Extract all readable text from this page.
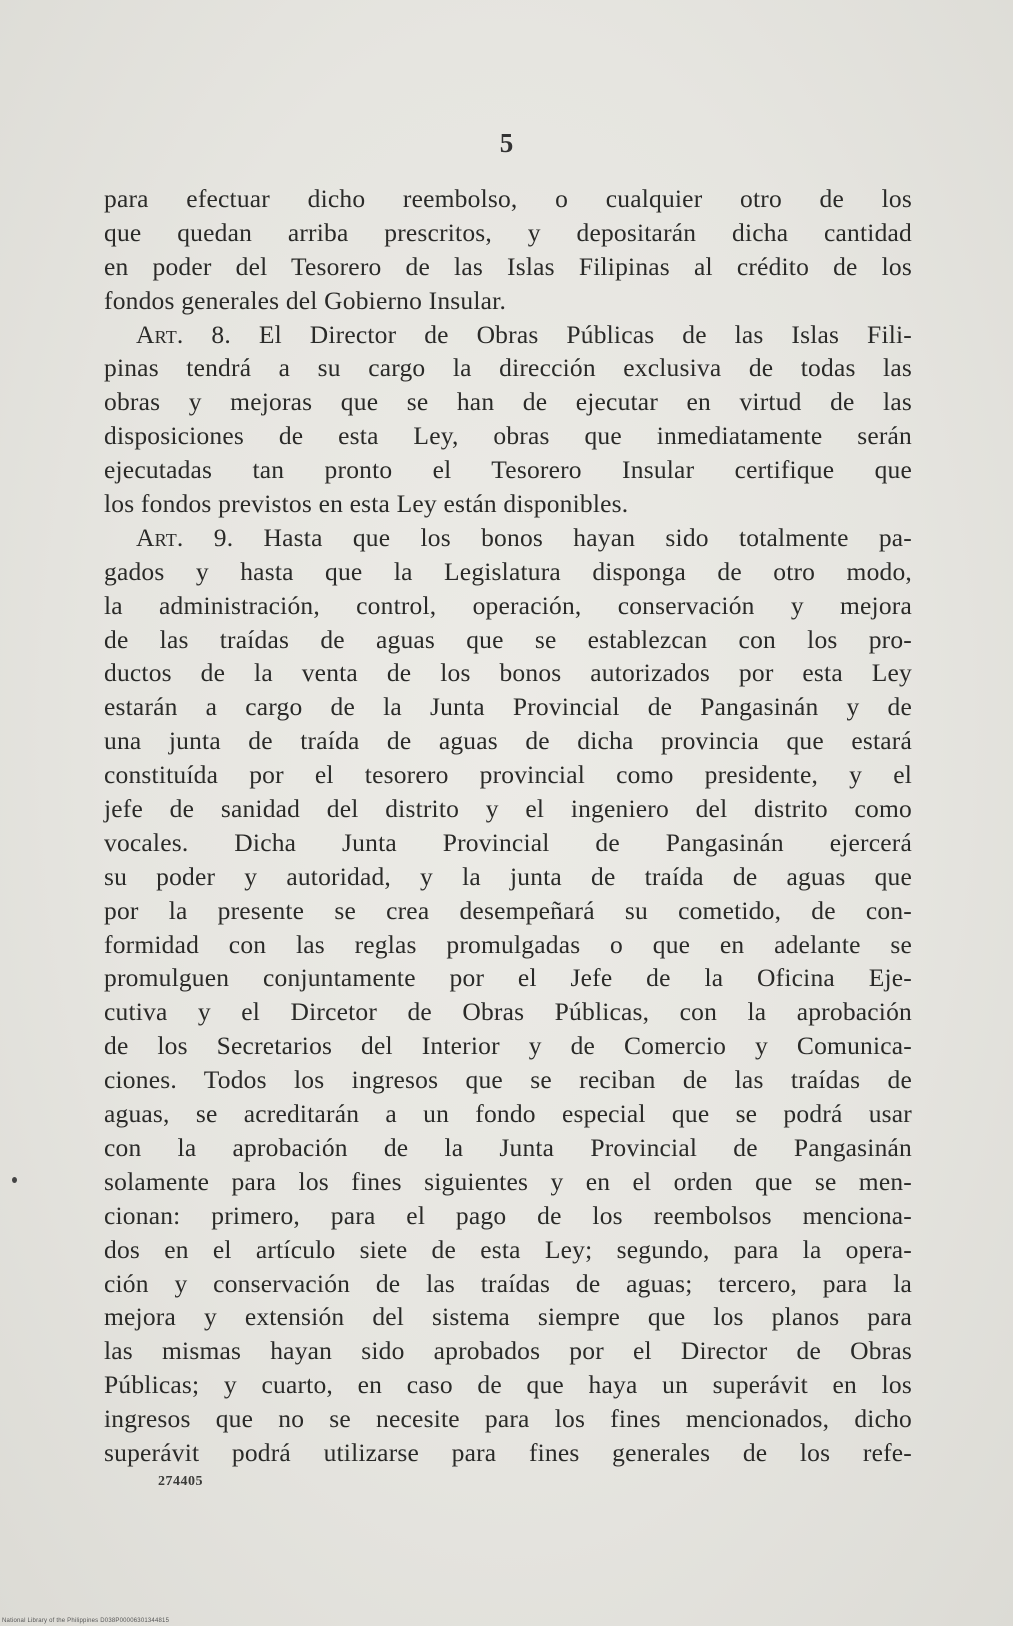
5
para efectuar dicho reembolso, o cualquier otro de los
que quedan arriba prescritos, y depositarán dicha cantidad
en poder del Tesorero de las Islas Filipinas al crédito de los
fondos generales del Gobierno Insular.
Art. 8. El Director de Obras Públicas de las Islas Fili-
pinas tendrá a su cargo la dirección exclusiva de todas las
obras y mejoras que se han de ejecutar en virtud de las
disposiciones de esta Ley, obras que inmediatamente serán
ejecutadas tan pronto el Tesorero Insular certifique que
los fondos previstos en esta Ley están disponibles.
Art. 9. Hasta que los bonos hayan sido totalmente pa-
gados y hasta que la Legislatura disponga de otro modo,
la administración, control, operación, conservación y mejora
de las traídas de aguas que se establezcan con los pro-
ductos de la venta de los bonos autorizados por esta Ley
estarán a cargo de la Junta Provincial de Pangasinán y de
una junta de traída de aguas de dicha provincia que estará
constituída por el tesorero provincial como presidente, y el
jefe de sanidad del distrito y el ingeniero del distrito como
vocales. Dicha Junta Provincial de Pangasinán ejercerá
su poder y autoridad, y la junta de traída de aguas que
por la presente se crea desempeñará su cometido, de con-
formidad con las reglas promulgadas o que en adelante se
promulguen conjuntamente por el Jefe de la Oficina Eje-
cutiva y el Dircetor de Obras Públicas, con la aprobación
de los Secretarios del Interior y de Comercio y Comunica-
ciones. Todos los ingresos que se reciban de las traídas de
aguas, se acreditarán a un fondo especial que se podrá usar
con la aprobación de la Junta Provincial de Pangasinán
solamente para los fines siguientes y en el orden que se men-
cionan: primero, para el pago de los reembolsos menciona-
dos en el artículo siete de esta Ley; segundo, para la opera-
ción y conservación de las traídas de aguas; tercero, para la
mejora y extensión del sistema siempre que los planos para
las mismas hayan sido aprobados por el Director de Obras
Públicas; y cuarto, en caso de que haya un superávit en los
ingresos que no se necesite para los fines mencionados, dicho
superávit podrá utilizarse para fines generales de los refe-
274405
National Library of the Philippines D038P00006301344815
